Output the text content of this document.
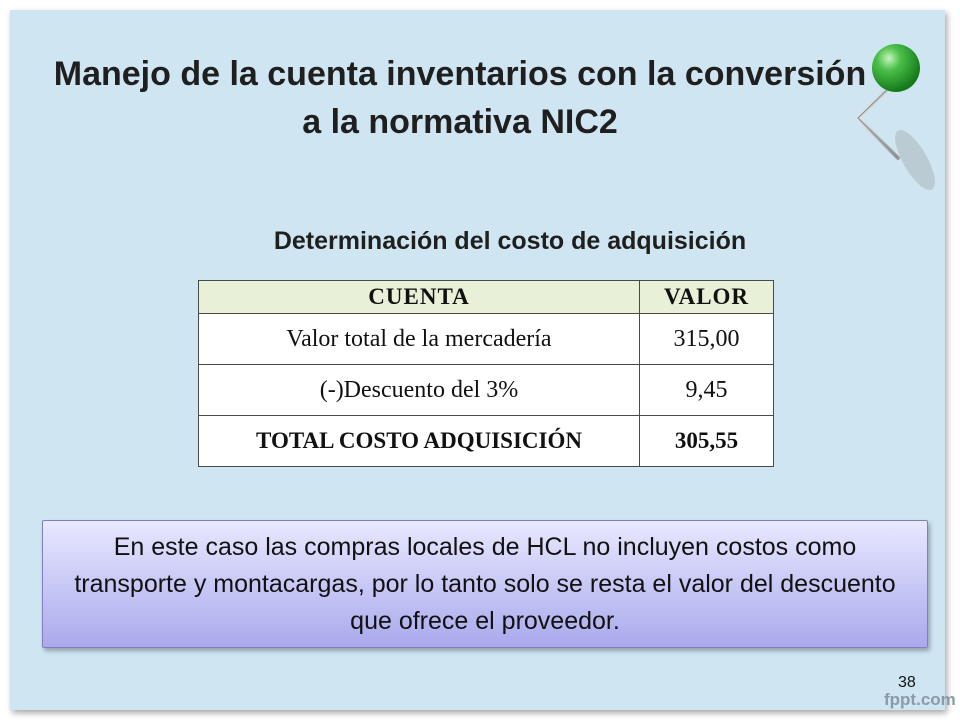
Manejo de la cuenta inventarios con la conversión a la normativa NIC2

Determinación del costo de adquisición

38
CUENTA	VALOR
Valor total de la mercadería	315,00
(-)Descuento del 3%	9,45
TOTAL COSTO ADQUISICIÓN	305,55
En este caso las compras locales de HCL no incluyen costos como transporte y montacargas, por lo tanto solo se resta el valor del descuento que ofrece el proveedor.
fppt.com
